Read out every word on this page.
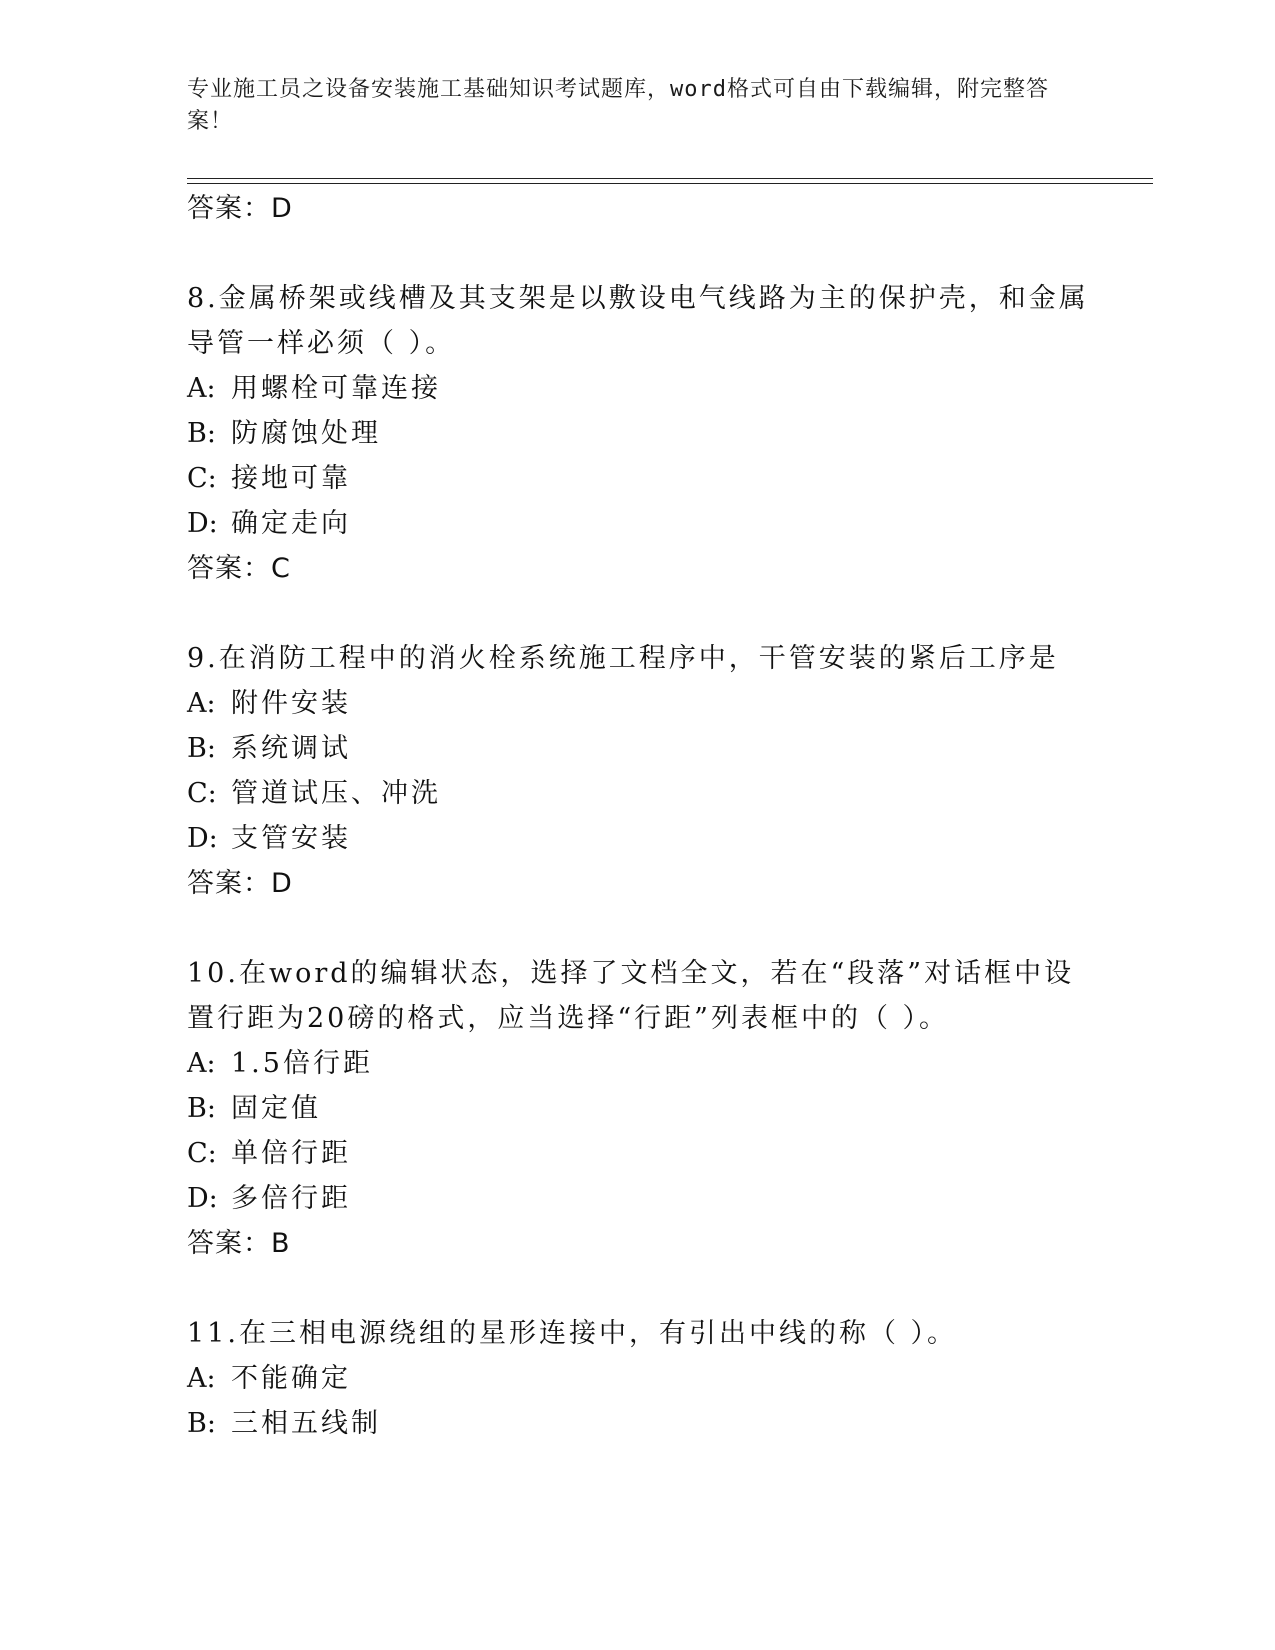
专业施工员之设备安装施工基础知识考试题库，word格式可自由下载编辑，附完整答案！
答案：D
8.金属桥架或线槽及其支架是以敷设电气线路为主的保护壳，和金属
导管一样必须（ ）。
A: 用螺栓可靠连接
B: 防腐蚀处理
C: 接地可靠
D: 确定走向
答案：C
9.在消防工程中的消火栓系统施工程序中，干管安装的紧后工序是
A: 附件安装
B: 系统调试
C: 管道试压、冲洗
D: 支管安装
答案：D
10.在word的编辑状态，选择了文档全文，若在“段落”对话框中设
置行距为20磅的格式，应当选择“行距”列表框中的（ ）。
A: 1.5倍行距
B: 固定值
C: 单倍行距
D: 多倍行距
答案：B
11.在三相电源绕组的星形连接中，有引出中线的称（ ）。
A: 不能确定
B: 三相五线制
